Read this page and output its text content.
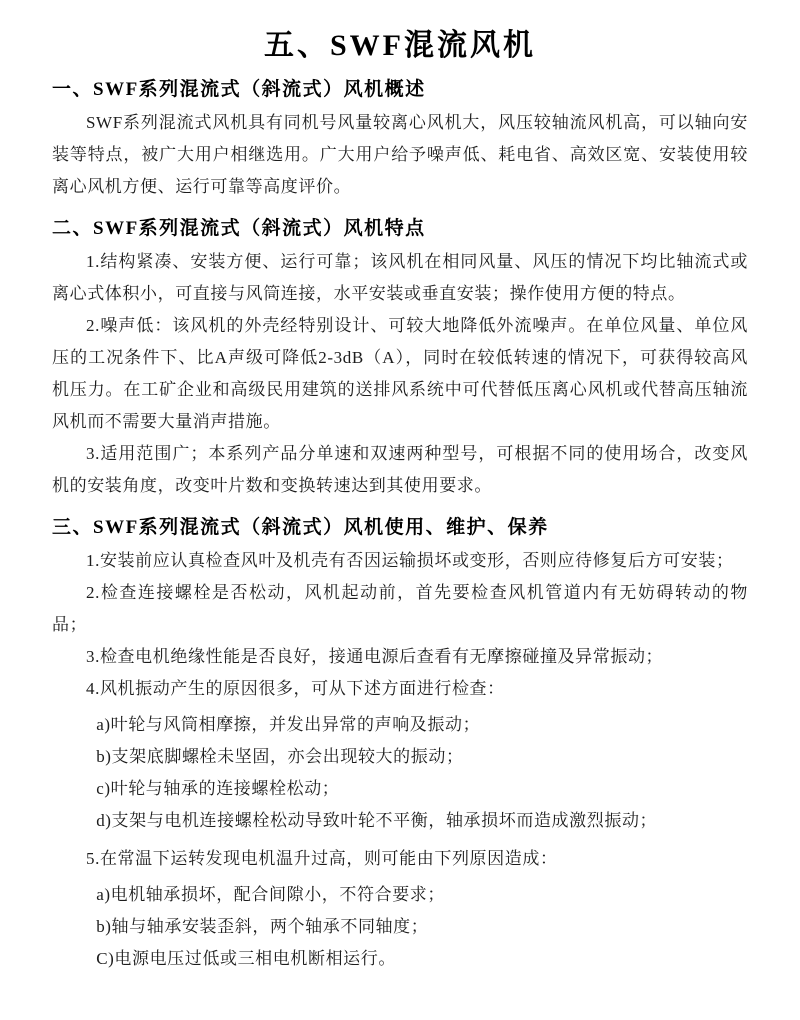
五、SWF混流风机
一、SWF系列混流式（斜流式）风机概述

SWF系列混流式风机具有同机号风量较离心风机大，风压较轴流风机高，可以轴向安装等特点，被广大用户相继选用。广大用户给予噪声低、耗电省、高效区宽、安装使用较离心风机方便、运行可靠等高度评价。

二、SWF系列混流式（斜流式）风机特点

1.结构紧凑、安装方便、运行可靠；该风机在相同风量、风压的情况下均比轴流式或离心式体积小，可直接与风筒连接，水平安装或垂直安装；操作使用方便的特点。

2.噪声低：该风机的外壳经特别设计、可较大地降低外流噪声。在单位风量、单位风压的工况条件下、比A声级可降低2-3dB（A），同时在较低转速的情况下，可获得较高风机压力。在工矿企业和高级民用建筑的送排风系统中可代替低压离心风机或代替高压轴流风机而不需要大量消声措施。

3.适用范围广；本系列产品分单速和双速两种型号，可根据不同的使用场合，改变风机的安装角度，改变叶片数和变换转速达到其使用要求。

三、SWF系列混流式（斜流式）风机使用、维护、保养

1.安装前应认真检查风叶及机壳有否因运输损坏或变形，否则应待修复后方可安装；

2.检查连接螺栓是否松动，风机起动前，首先要检查风机管道内有无妨碍转动的物品；

3.检查电机绝缘性能是否良好，接通电源后查看有无摩擦碰撞及异常振动；

4.风机振动产生的原因很多，可从下述方面进行检查：

a)叶轮与风筒相摩擦，并发出异常的声响及振动；

b)支架底脚螺栓未坚固，亦会出现较大的振动；

c)叶轮与轴承的连接螺栓松动；

d)支架与电机连接螺栓松动导致叶轮不平衡，轴承损坏而造成激烈振动；

5.在常温下运转发现电机温升过高，则可能由下列原因造成：

a)电机轴承损坏，配合间隙小，不符合要求；

b)轴与轴承安装歪斜，两个轴承不同轴度；

C)电源电压过低或三相电机断相运行。
